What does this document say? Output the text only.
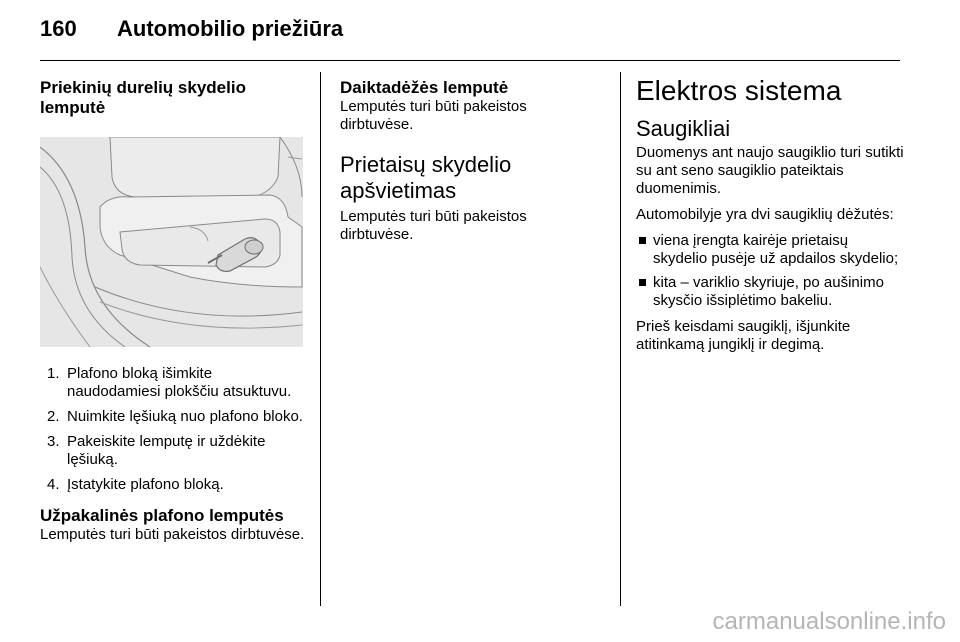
160 Automobilio priežiūra
Priekinių durelių skydelio lemputė
1. Plafono bloką išimkite naudodamiesi plokščiu atsuktuvu.
2. Nuimkite lęšiuką nuo plafono bloko.
3. Pakeiskite lemputę ir uždėkite lęšiuką.
4. Įstatykite plafono bloką.
Užpakalinės plafono lemputės

Lemputės turi būti pakeistos dirbtuvėse.

Daiktadėžės lemputė

Lemputės turi būti pakeistos dirbtuvėse.

Prietaisų skydelio apšvietimas

Lemputės turi būti pakeistos dirbtuvėse.

Elektros sistema
Saugikliai

Duomenys ant naujo saugiklio turi sutikti su ant seno saugiklio pateiktais duomenimis.

Automobilyje yra dvi saugiklių dėžutės:

viena įrengta kairėje prietaisų skydelio pusėje už apdailos skydelio;
kita – variklio skyriuje, po aušinimo skysčio išsiplėtimo bakeliu.

Prieš keisdami saugiklį, išjunkite atitinkamą jungiklį ir degimą.

carmanualsonline.info
